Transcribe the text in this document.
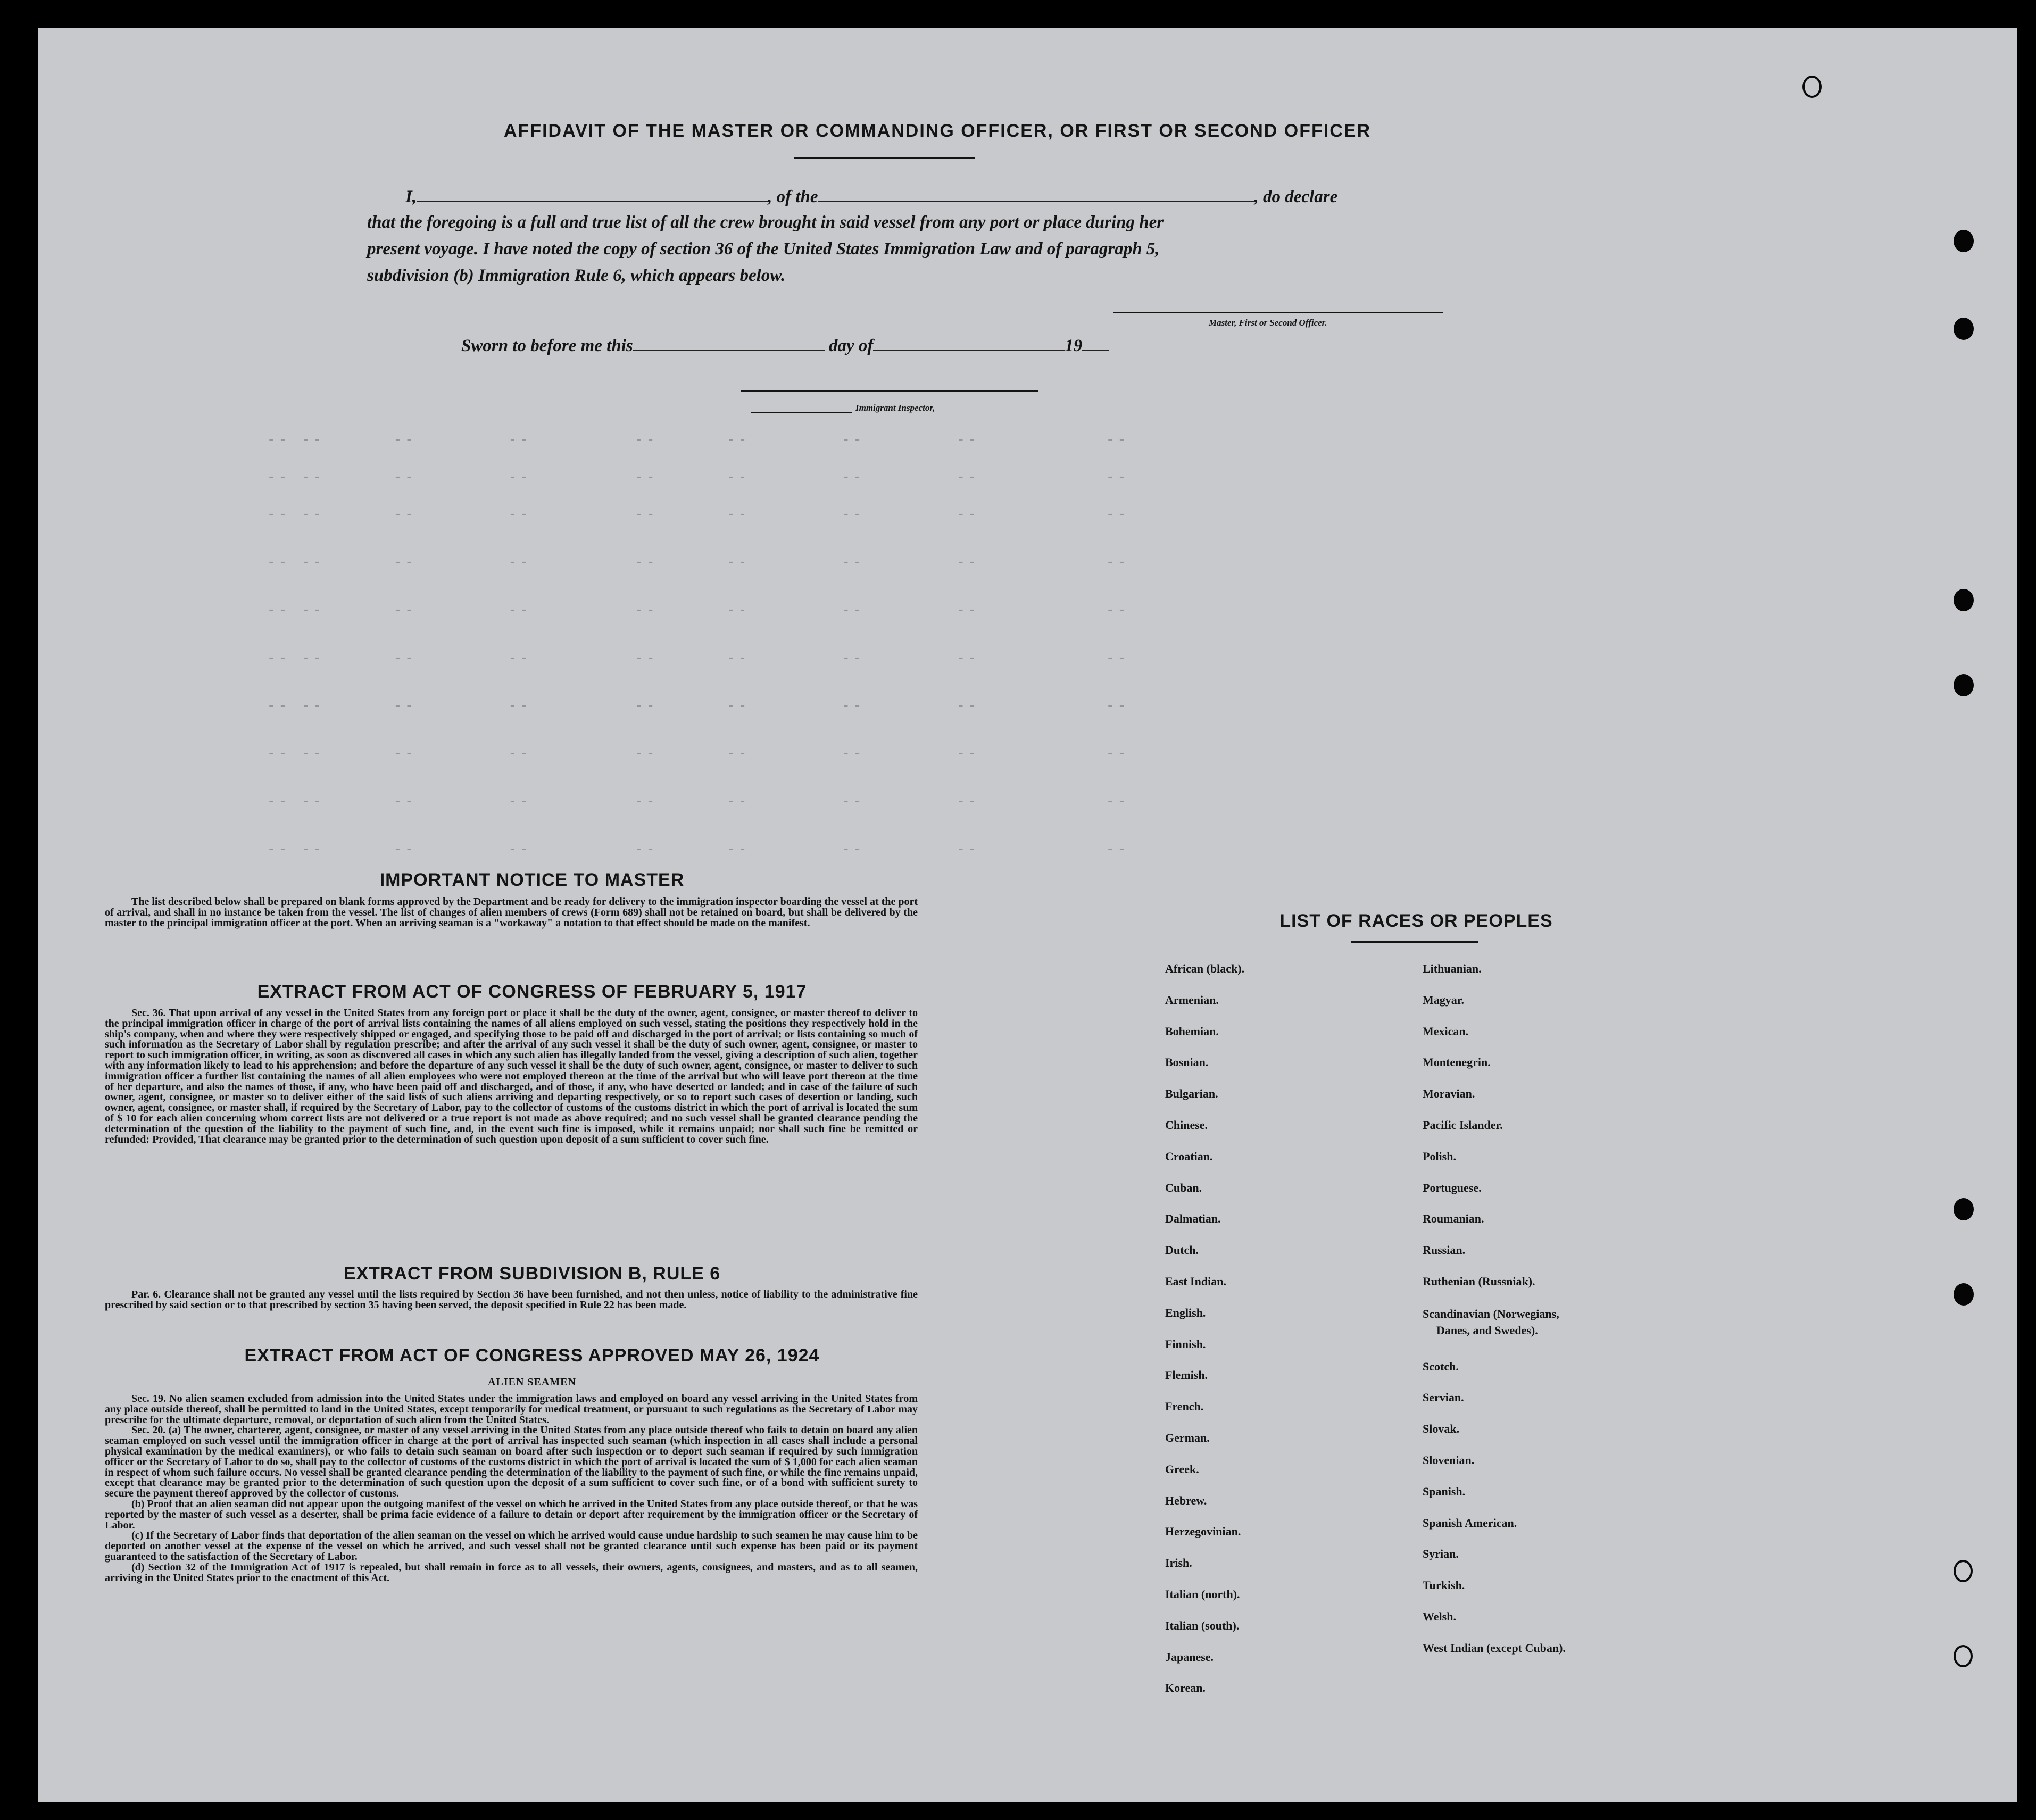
-- --      --        --         --      --        --        --           --
-- --      --        --         --      --        --        --           --
-- --      --        --         --      --        --        --           --
-- --      --        --         --      --        --        --           --
-- --      --        --         --      --        --        --           --
-- --      --        --         --      --        --        --           --
-- --      --        --         --      --        --        --           --
-- --      --        --         --      --        --        --           --
-- --      --        --         --      --        --        --           --
-- --      --        --         --      --        --        --           --
AFFIDAVIT OF THE MASTER OR COMMANDING OFFICER, OR FIRST OR SECOND OFFICER
I,	, of the	, do declare
that the foregoing is a full and true list of all the crew brought in said vessel from any port or place during her
present voyage. I have noted the copy of section 36 of the United States Immigration Law and of paragraph 5,
subdivision (b) Immigration Rule 6, which appears below.
Master, First or Second Officer.
Sworn to before me this	day of	19
Immigrant Inspector,
IMPORTANT NOTICE TO MASTER

The list described below shall be prepared on blank forms approved by the Department and be ready for delivery to the immigration inspector boarding the vessel at the port of arrival, and shall in no instance be taken from the vessel. The list of changes of alien members of crews (Form 689) shall not be retained on board, but shall be delivered by the master to the principal immigration officer at the port. When an arriving seaman is a "workaway" a notation to that effect should be made on the manifest.

EXTRACT FROM ACT OF CONGRESS OF FEBRUARY 5, 1917

Sec. 36. That upon arrival of any vessel in the United States from any foreign port or place it shall be the duty of the owner, agent, consignee, or master thereof to deliver to the principal immigration officer in charge of the port of arrival lists containing the names of all aliens employed on such vessel, stating the positions they respectively hold in the ship's company, when and where they were respectively shipped or engaged, and specifying those to be paid off and discharged in the port of arrival; or lists containing so much of such information as the Secretary of Labor shall by regulation prescribe; and after the arrival of any such vessel it shall be the duty of such owner, agent, consignee, or master to report to such immigration officer, in writing, as soon as discovered all cases in which any such alien has illegally landed from the vessel, giving a description of such alien, together with any information likely to lead to his apprehension; and before the departure of any such vessel it shall be the duty of such owner, agent, consignee, or master to deliver to such immigration officer a further list containing the names of all alien employees who were not employed thereon at the time of the arrival but who will leave port thereon at the time of her departure, and also the names of those, if any, who have been paid off and discharged, and of those, if any, who have deserted or landed; and in case of the failure of such owner, agent, consignee, or master so to deliver either of the said lists of such aliens arriving and departing respectively, or so to report such cases of desertion or landing, such owner, agent, consignee, or master shall, if required by the Secretary of Labor, pay to the collector of customs of the customs district in which the port of arrival is located the sum of $ 10 for each alien concerning whom correct lists are not delivered or a true report is not made as above required; and no such vessel shall be granted clearance pending the determination of the question of the liability to the payment of such fine, and, in the event such fine is imposed, while it remains unpaid; nor shall such fine be remitted or refunded: Provided, That clearance may be granted prior to the determination of such question upon deposit of a sum sufficient to cover such fine.

EXTRACT FROM SUBDIVISION B, RULE 6

Par. 6. Clearance shall not be granted any vessel until the lists required by Section 36 have been furnished, and not then unless, notice of liability to the administrative fine prescribed by said section or to that prescribed by section 35 having been served, the deposit specified in Rule 22 has been made.

EXTRACT FROM ACT OF CONGRESS APPROVED MAY 26, 1924
ALIEN SEAMEN

Sec. 19. No alien seamen excluded from admission into the United States under the immigration laws and employed on board any vessel arriving in the United States from any place outside thereof, shall be permitted to land in the United States, except temporarily for medical treatment, or pursuant to such regulations as the Secretary of Labor may prescribe for the ultimate departure, removal, or deportation of such alien from the United States.

Sec. 20. (a) The owner, charterer, agent, consignee, or master of any vessel arriving in the United States from any place outside thereof who fails to detain on board any alien seaman employed on such vessel until the immigration officer in charge at the port of arrival has inspected such seaman (which inspection in all cases shall include a personal physical examination by the medical examiners), or who fails to detain such seaman on board after such inspection or to deport such seaman if required by such immigration officer or the Secretary of Labor to do so, shall pay to the collector of customs of the customs district in which the port of arrival is located the sum of $ 1,000 for each alien seaman in respect of whom such failure occurs. No vessel shall be granted clearance pending the determination of the liability to the payment of such fine, or while the fine remains unpaid, except that clearance may be granted prior to the determination of such question upon the deposit of a sum sufficient to cover such fine, or of a bond with sufficient surety to secure the payment thereof approved by the collector of customs.

(b) Proof that an alien seaman did not appear upon the outgoing manifest of the vessel on which he arrived in the United States from any place outside thereof, or that he was reported by the master of such vessel as a deserter, shall be prima facie evidence of a failure to detain or deport after requirement by the immigration officer or the Secretary of Labor.

(c) If the Secretary of Labor finds that deportation of the alien seaman on the vessel on which he arrived would cause undue hardship to such seamen he may cause him to be deported on another vessel at the expense of the vessel on which he arrived, and such vessel shall not be granted clearance until such expense has been paid or its payment guaranteed to the satisfaction of the Secretary of Labor.

(d) Section 32 of the Immigration Act of 1917 is repealed, but shall remain in force as to all vessels, their owners, agents, consignees, and masters, and as to all seamen, arriving in the United States prior to the enactment of this Act.

LIST OF RACES OR PEOPLES
African (black).
Armenian.
Bohemian.
Bosnian.
Bulgarian.
Chinese.
Croatian.
Cuban.
Dalmatian.
Dutch.
East Indian.
English.
Finnish.
Flemish.
French.
German.
Greek.
Hebrew.
Herzegovinian.
Irish.
Italian (north).
Italian (south).
Japanese.
Korean.
Lithuanian.
Magyar.
Mexican.
Montenegrin.
Moravian.
Pacific Islander.
Polish.
Portuguese.
Roumanian.
Russian.
Ruthenian (Russniak).
Scandinavian (Norwegians,
Danes, and Swedes).
Scotch.
Servian.
Slovak.
Slovenian.
Spanish.
Spanish American.
Syrian.
Turkish.
Welsh.
West Indian (except Cuban).
